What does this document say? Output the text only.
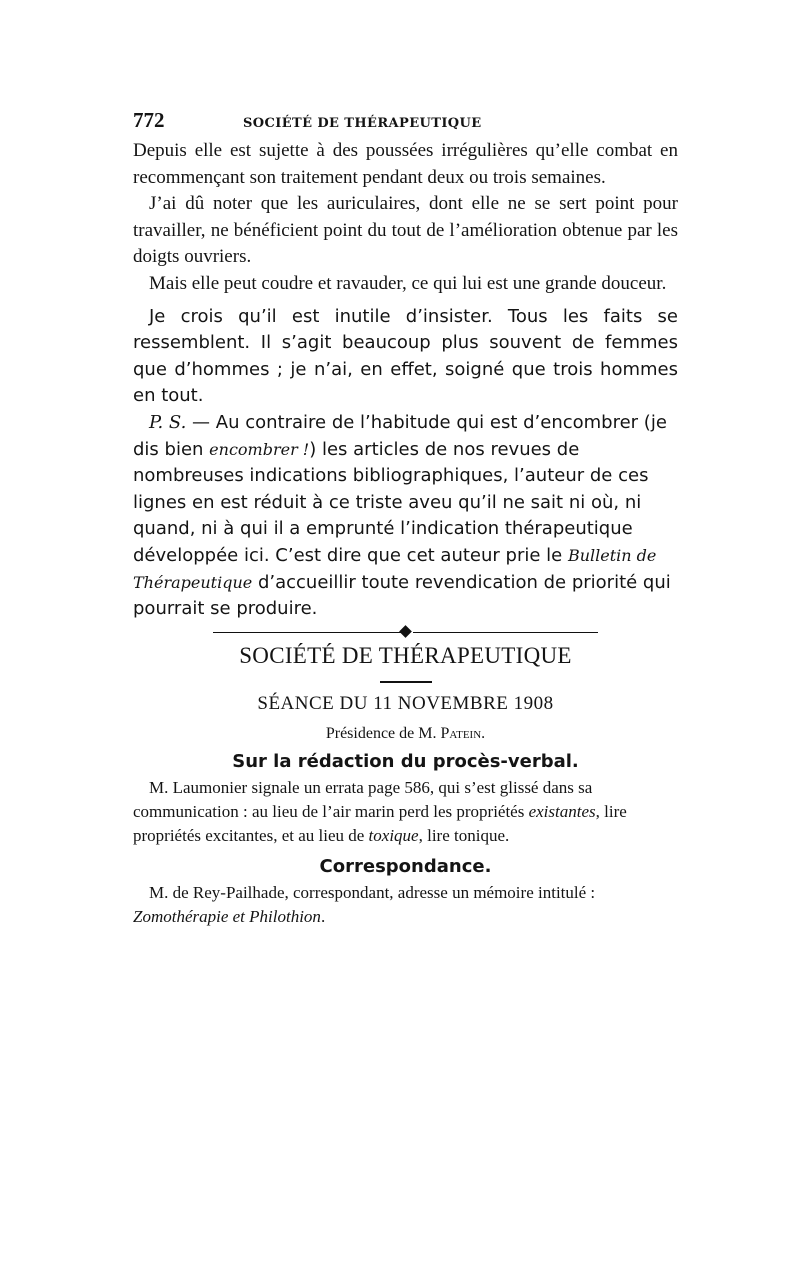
772	SOCIÉTÉ DE THÉRAPEUTIQUE

Depuis elle est sujette à des poussées irrégulières qu’elle combat en recommençant son traitement pendant deux ou trois semaines.

J’ai dû noter que les auriculaires, dont elle ne se sert point pour travailler, ne bénéficient point du tout de l’amélioration obtenue par les doigts ouvriers.

Mais elle peut coudre et ravauder, ce qui lui est une grande douceur.

Je crois qu’il est inutile d’insister. Tous les faits se ressemblent. Il s’agit beaucoup plus souvent de femmes que d’hommes ; je n’ai, en effet, soigné que trois hommes en tout.

P. S. — Au contraire de l’habitude qui est d’encombrer (je dis bien encombrer !) les articles de nos revues de nombreuses indications bibliographiques, l’auteur de ces lignes en est réduit à ce triste aveu qu’il ne sait ni où, ni quand, ni à qui il a emprunté l’indication thérapeutique développée ici. C’est dire que cet auteur prie le Bulletin de Thérapeutique d’accueillir toute revendication de priorité qui pourrait se produire.

SOCIÉTÉ DE THÉRAPEUTIQUE
SÉANCE DU 11 NOVEMBRE 1908
Présidence de M. Patein.
Sur la rédaction du procès-verbal.

M. Laumonier signale un errata page 586, qui s’est glissé dans sa communication : au lieu de l’air marin perd les propriétés existantes, lire propriétés excitantes, et au lieu de toxique, lire tonique.

Correspondance.

M. de Rey-Pailhade, correspondant, adresse un mémoire intitulé : Zomothérapie et Philothion.
